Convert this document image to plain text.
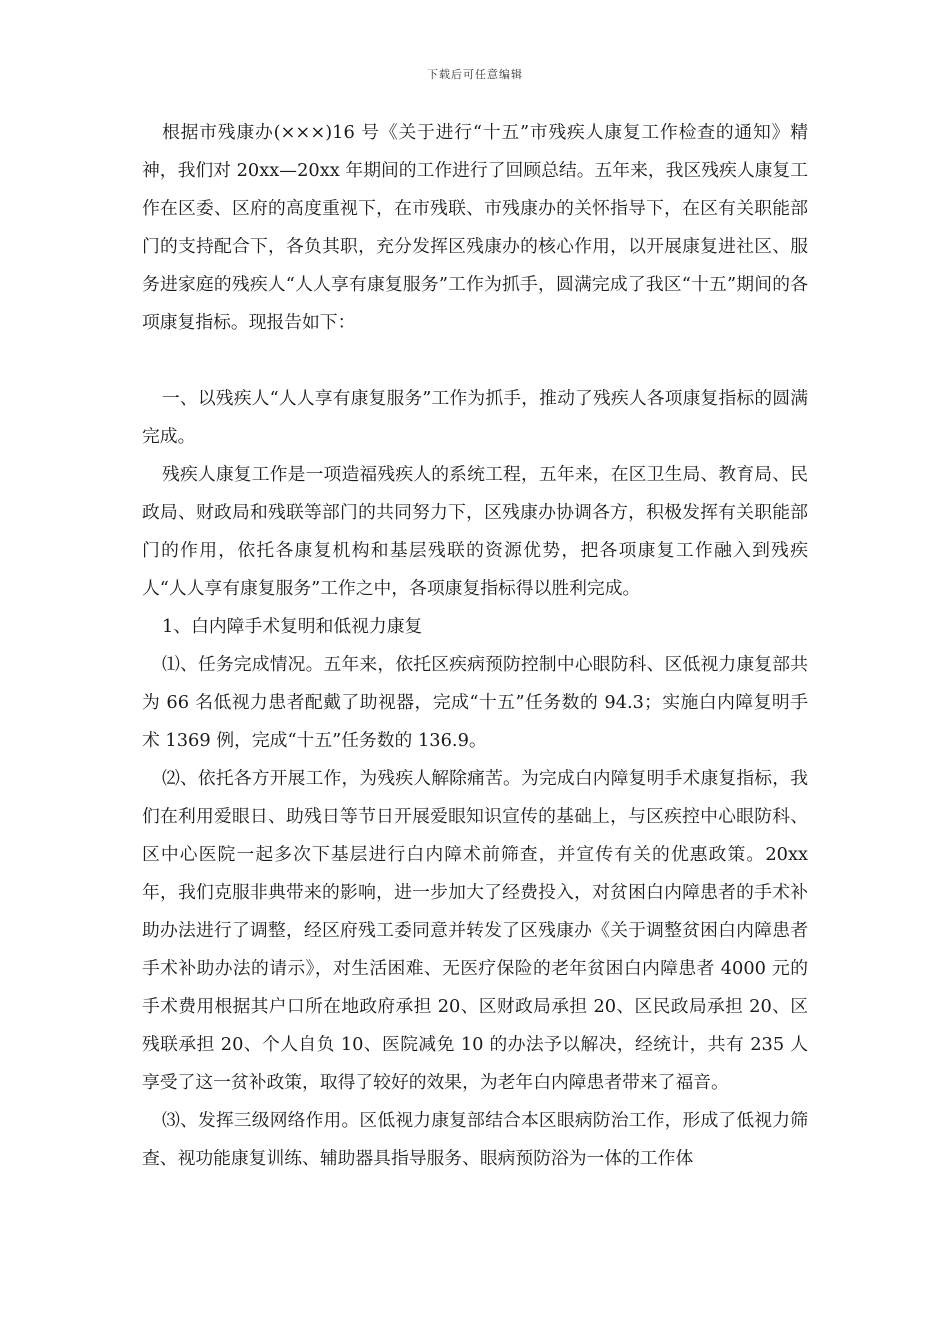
下载后可任意编辑

根据市残康办(×××)16 号《关于进行“十五”市残疾人康复工作检查的通知》精神，我们对 20xx—20xx 年期间的工作进行了回顾总结。五年来，我区残疾人康复工作在区委、区府的高度重视下，在市残联、市残康办的关怀指导下，在区有关职能部门的支持配合下，各负其职，充分发挥区残康办的核心作用，以开展康复进社区、服务进家庭的残疾人“人人享有康复服务”工作为抓手，圆满完成了我区“十五”期间的各项康复指标。现报告如下：

一、以残疾人“人人享有康复服务”工作为抓手，推动了残疾人各项康复指标的圆满完成。

残疾人康复工作是一项造福残疾人的系统工程，五年来，在区卫生局、教育局、民政局、财政局和残联等部门的共同努力下，区残康办协调各方，积极发挥有关职能部门的作用，依托各康复机构和基层残联的资源优势，把各项康复工作融入到残疾人“人人享有康复服务”工作之中，各项康复指标得以胜利完成。

1、白内障手术复明和低视力康复

⑴、任务完成情况。五年来，依托区疾病预防控制中心眼防科、区低视力康复部共为 66 名低视力患者配戴了助视器，完成“十五”任务数的 94.3；实施白内障复明手术 1369 例，完成“十五”任务数的 136.9。

⑵、依托各方开展工作，为残疾人解除痛苦。为完成白内障复明手术康复指标，我们在利用爱眼日、助残日等节日开展爱眼知识宣传的基础上，与区疾控中心眼防科、区中心医院一起多次下基层进行白内障术前筛查，并宣传有关的优惠政策。20xx 年，我们克服非典带来的影响，进一步加大了经费投入，对贫困白内障患者的手术补助办法进行了调整，经区府残工委同意并转发了区残康办《关于调整贫困白内障患者手术补助办法的请示》，对生活困难、无医疗保险的老年贫困白内障患者 4000 元的手术费用根据其户口所在地政府承担 20、区财政局承担 20、区民政局承担 20、区残联承担 20、个人自负 10、医院减免 10 的办法予以解决，经统计，共有 235 人享受了这一贫补政策，取得了较好的效果，为老年白内障患者带来了福音。

⑶、发挥三级网络作用。区低视力康复部结合本区眼病防治工作，形成了低视力筛查、视功能康复训练、辅助器具指导服务、眼病预防浴为一体的工作体
